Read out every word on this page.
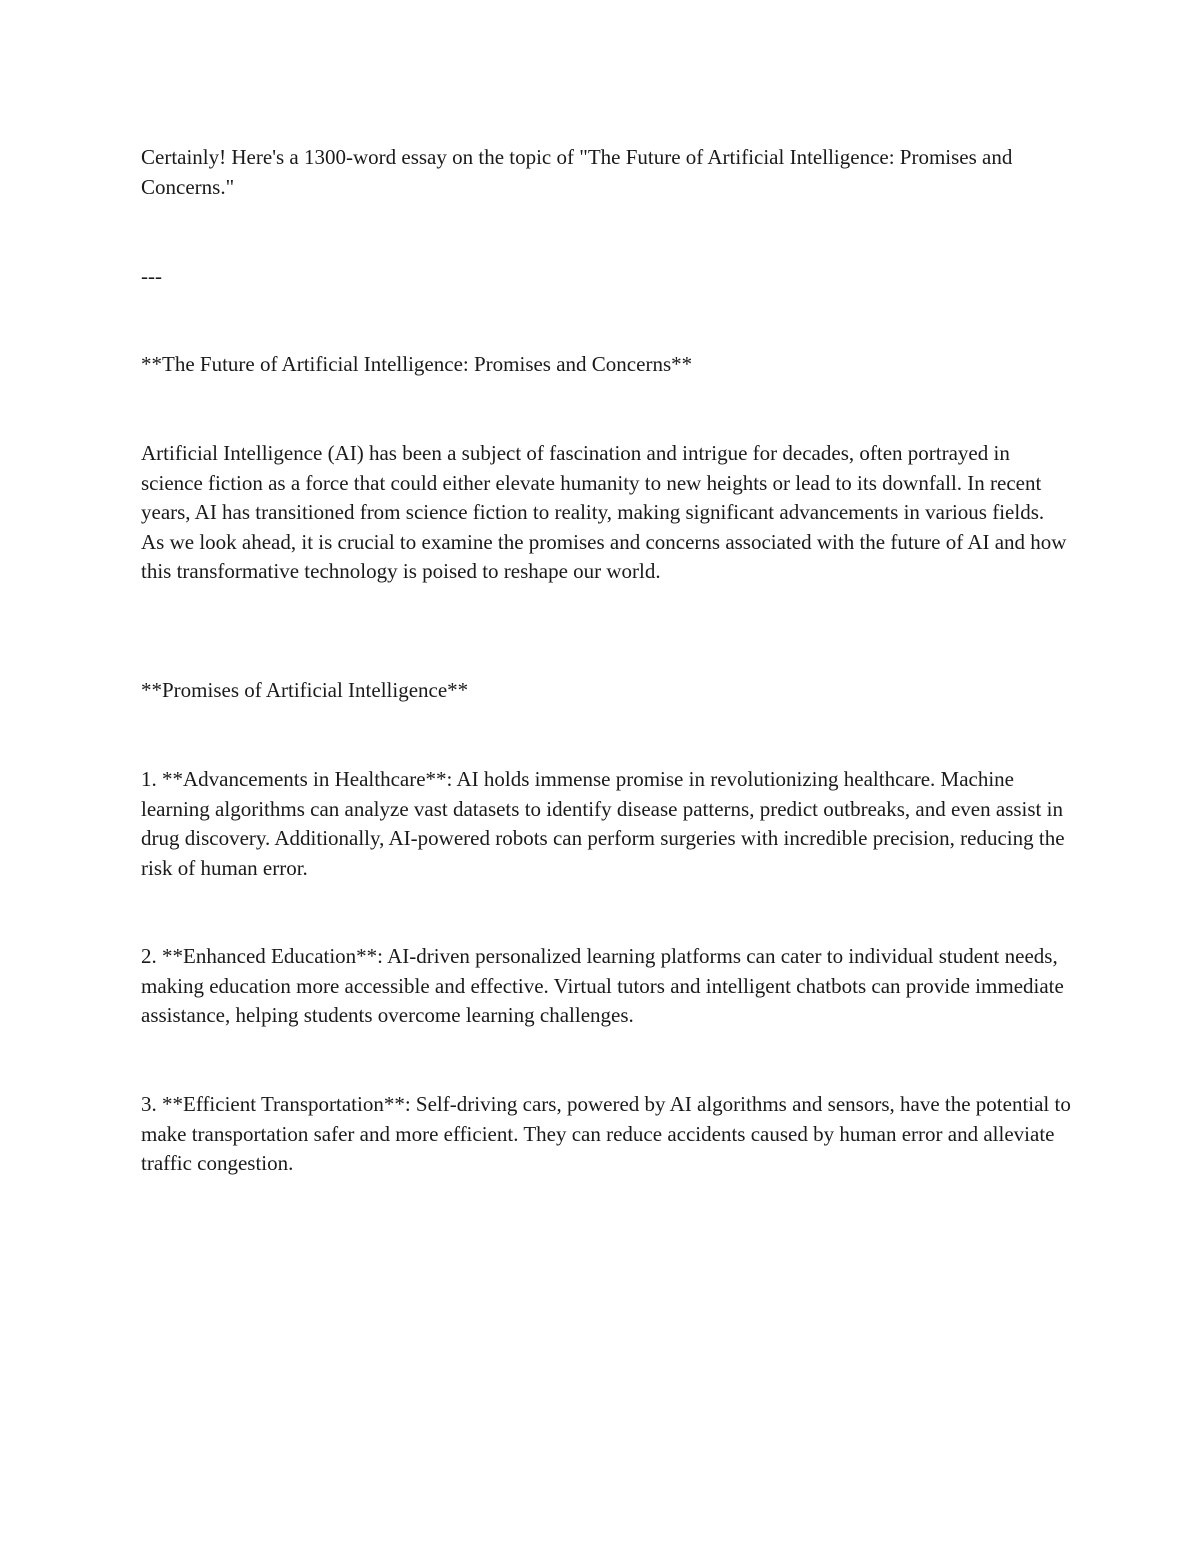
Certainly! Here's a 1300-word essay on the topic of "The Future of Artificial Intelligence: Promises and Concerns."

---

**The Future of Artificial Intelligence: Promises and Concerns**

Artificial Intelligence (AI) has been a subject of fascination and intrigue for decades, often portrayed in science fiction as a force that could either elevate humanity to new heights or lead to its downfall. In recent years, AI has transitioned from science fiction to reality, making significant advancements in various fields. As we look ahead, it is crucial to examine the promises and concerns associated with the future of AI and how this transformative technology is poised to reshape our world.

**Promises of Artificial Intelligence**

1. **Advancements in Healthcare**: AI holds immense promise in revolutionizing healthcare. Machine learning algorithms can analyze vast datasets to identify disease patterns, predict outbreaks, and even assist in drug discovery. Additionally, AI-powered robots can perform surgeries with incredible precision, reducing the risk of human error.

2. **Enhanced Education**: AI-driven personalized learning platforms can cater to individual student needs, making education more accessible and effective. Virtual tutors and intelligent chatbots can provide immediate assistance, helping students overcome learning challenges.

3. **Efficient Transportation**: Self-driving cars, powered by AI algorithms and sensors, have the potential to make transportation safer and more efficient. They can reduce accidents caused by human error and alleviate traffic congestion.
